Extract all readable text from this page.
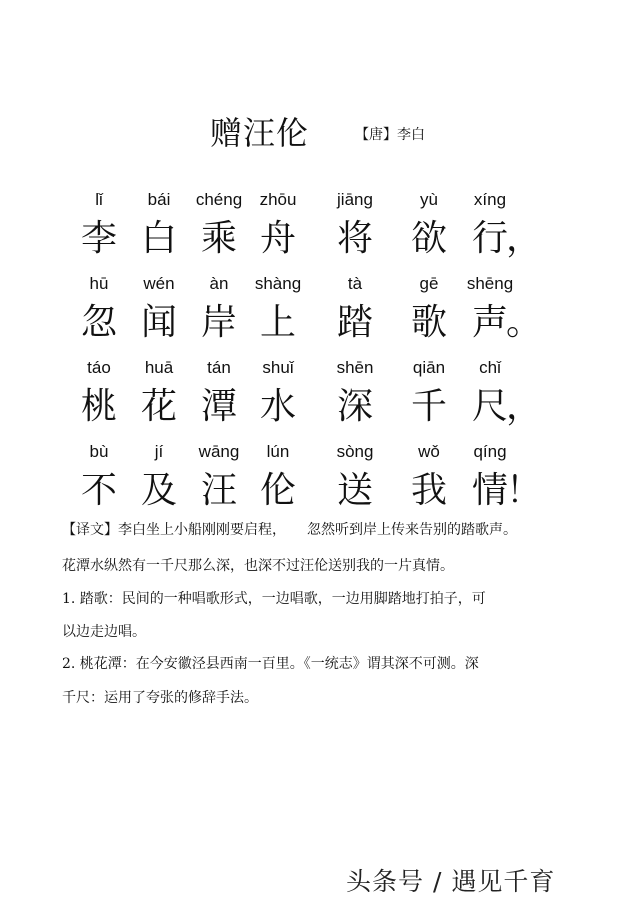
赠汪伦	【唐】李白
lǐ	bái	chéng	zhōu	jiāng	yù	xíng
李 白 乘 舟 将 欲 行
，
hū	wén	àn	shàng	tà	gē	shēng
忽 闻 岸 上 踏 歌 声
。
táo	huā	tán	shuǐ	shēn	qiān	chǐ
桃 花 潭 水 深 千 尺
，
bù	jí	wāng	lún	sòng	wǒ	qíng
不 及 汪 伦 送 我 情
！
【译文】李白坐上小船刚刚要启程，　　忽然听到岸上传来告别的踏歌声。
花潭水纵然有一千尺那么深，也深不过汪伦送别我的一片真情。
1. 踏歌：民间的一种唱歌形式，一边唱歌，一边用脚踏地打拍子，可
以边走边唱。
2. 桃花潭：在今安徽泾县西南一百里。《一统志》谓其深不可测。深
千尺：运用了夸张的修辞手法。
头条号 / 遇见千育
